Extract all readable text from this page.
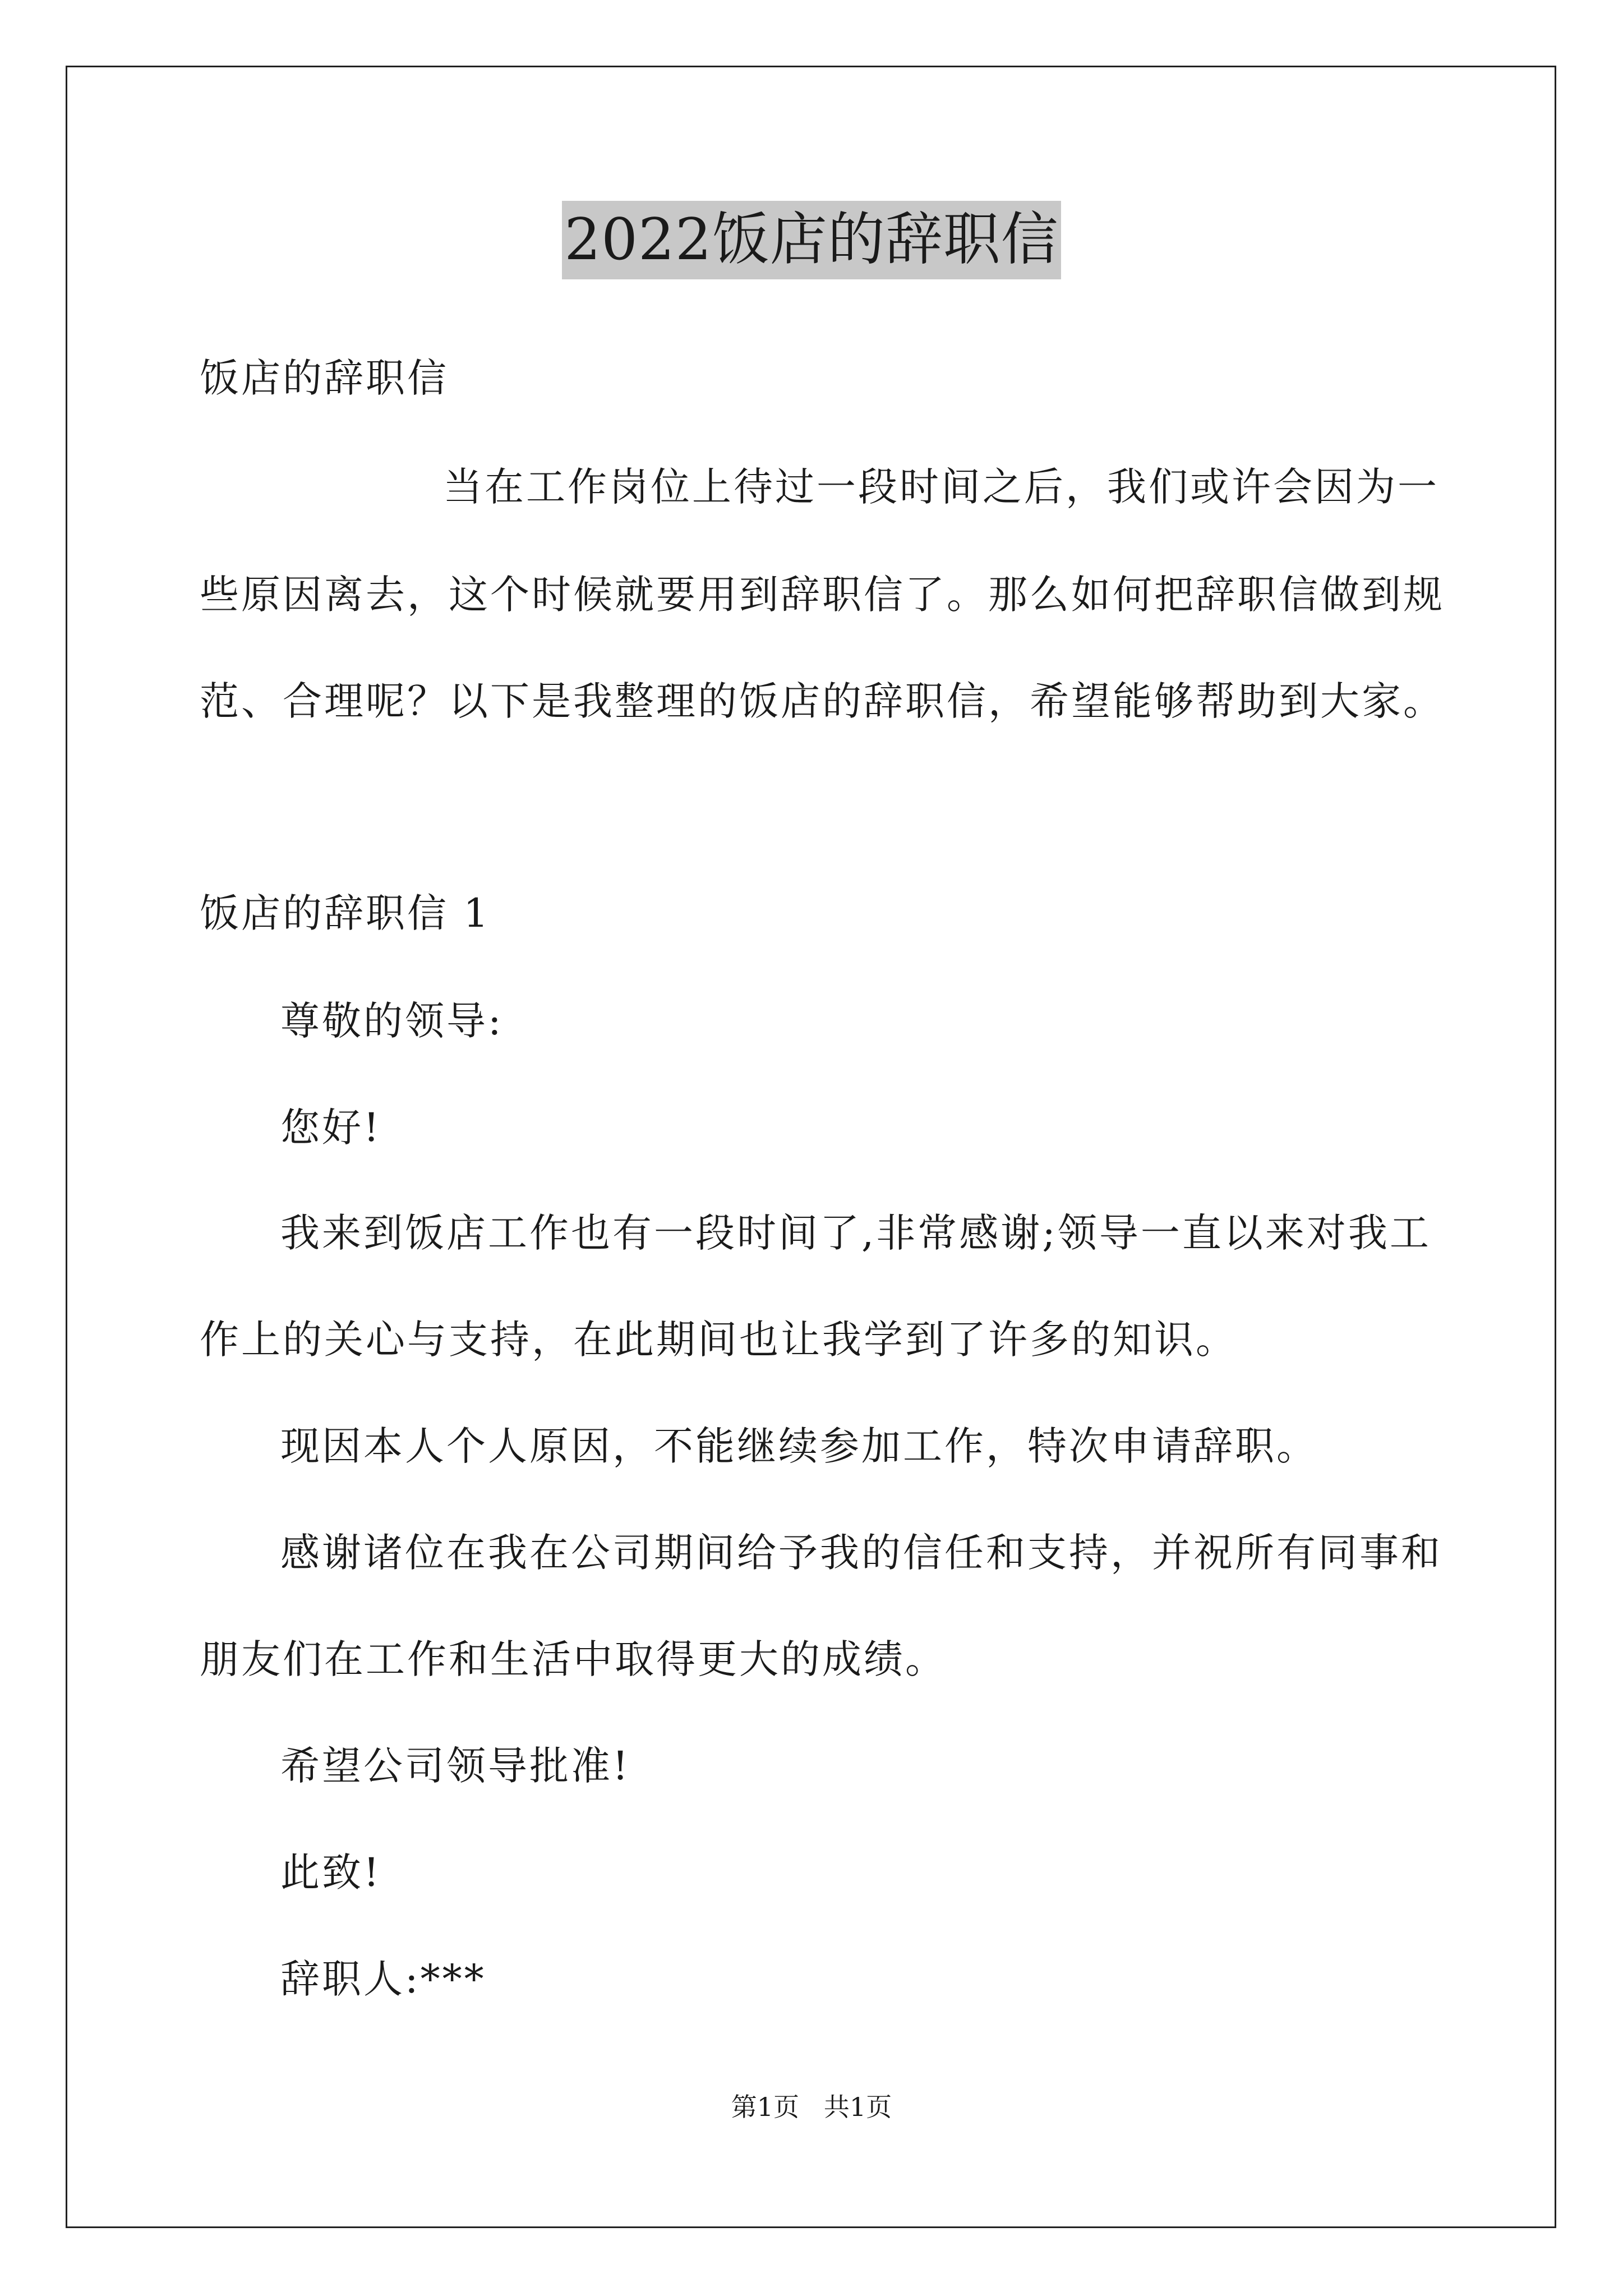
2022饭店的辞职信
饭店的辞职信
当在工作岗位上待过一段时间之后，我们或许会因为一
些原因离去，这个时候就要用到辞职信了。那么如何把辞职信做到规
范、合理呢？以下是我整理的饭店的辞职信，希望能够帮助到大家。
饭店的辞职信 1
尊敬的领导:
您好!
我来到饭店工作也有一段时间了,非常感谢;领导一直以来对我工
作上的关心与支持，在此期间也让我学到了许多的知识。
现因本人个人原因，不能继续参加工作，特次申请辞职。
感谢诸位在我在公司期间给予我的信任和支持，并祝所有同事和
朋友们在工作和生活中取得更大的成绩。
希望公司领导批准!
此致!
辞职人:***
第1页   共1页
